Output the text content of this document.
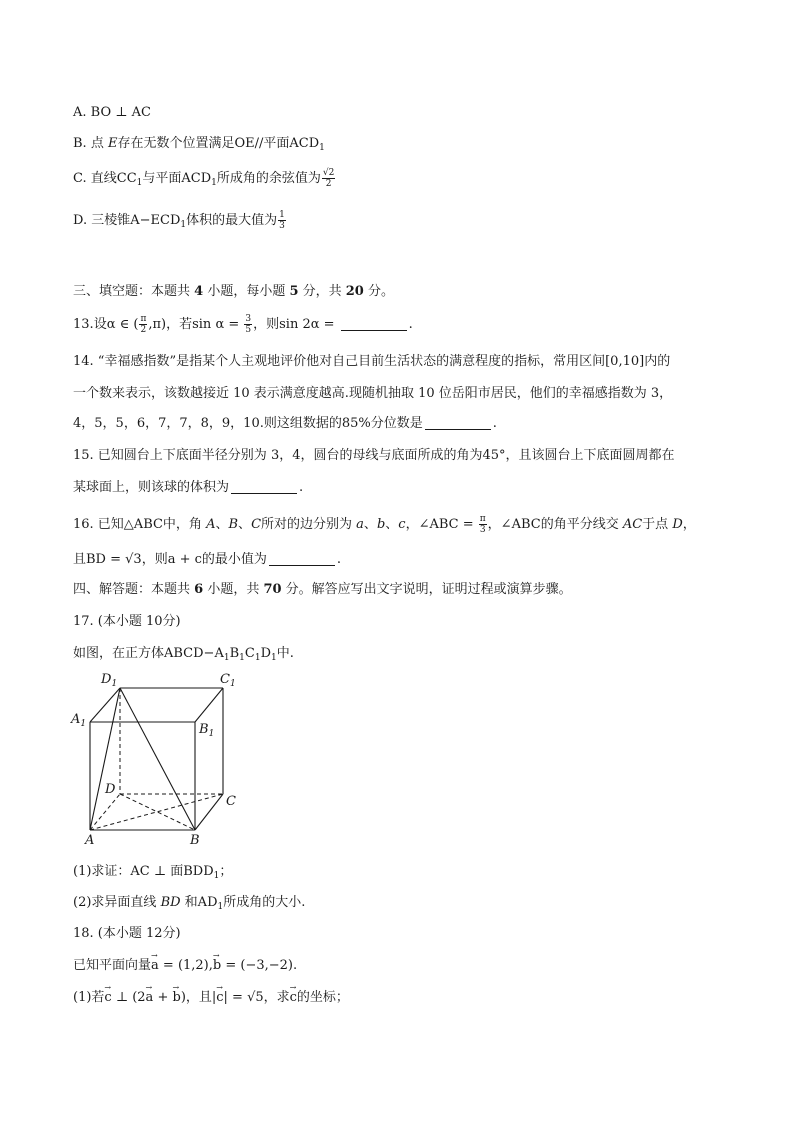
A. BO ⊥ AC
B. 点 E存在无数个位置满足OE//平面$ACD_1$
C. 直线$CC_1$与平面$ACD_1$所成角的余弦值为 $\frac{√2}{2}$
D. 三棱锥$A-ECD_1$体积的最大值为 $\frac{1}{3}$
三、填空题：本题共 4 小题，每小题 5 分，共 20 分。
13.设α ∈ ( $\frac{\pi}{2} ,\pi$)，若$\sin \alpha = \frac{3}{5}$ ，则sin 2α =	.
14. “幸福感指数”是指某个人主观地评价他对自己目前生活状态的满意程度的指标，常用区间[0,10]内的
一个数来表示，该数越接近 10 表示满意度越高.现随机抽取 10 位岳阳市居民，他们的幸福感指数为 3，
4，5，5，6，7，7，8，9，10.则这组数据的85%分位数是	.
15. 已知圆台上下底面半径分别为 3，4，圆台的母线与底面所成的角为45°，且该圆台上下底面圆周都在
某球面上，则该球的体积为	.
16. 已知△ABC中，角 A、B、C所对的边分别为 a、b、c，∠ABC = $\frac{\pi}{3}$ ，∠ABC的角平分线交 AC于点 D，
且BD = √3，则a + c的最小值为	.
四、解答题：本题共 6 小题，共 70 分。解答应写出文字说明，证明过程或演算步骤。
17. (本小题 10分)
如图，在正方体$ABCD-A_1B_1C_1D_1$中.
$D_1$	$C_1$
$A_1$	$B_1$
D
C
A	B
(1)求证：AC ⊥ 面$BDD_1$；
(2)求异面直线 BD 和$AD_1$所成角的大小.
18. (本小题 12分)
已知平面向量→ a = (1,2),→ b = (−3,−2).
(1)若→ c ⊥ (2→ a + → b)，且|→ c| = √5，求→ c的坐标；
